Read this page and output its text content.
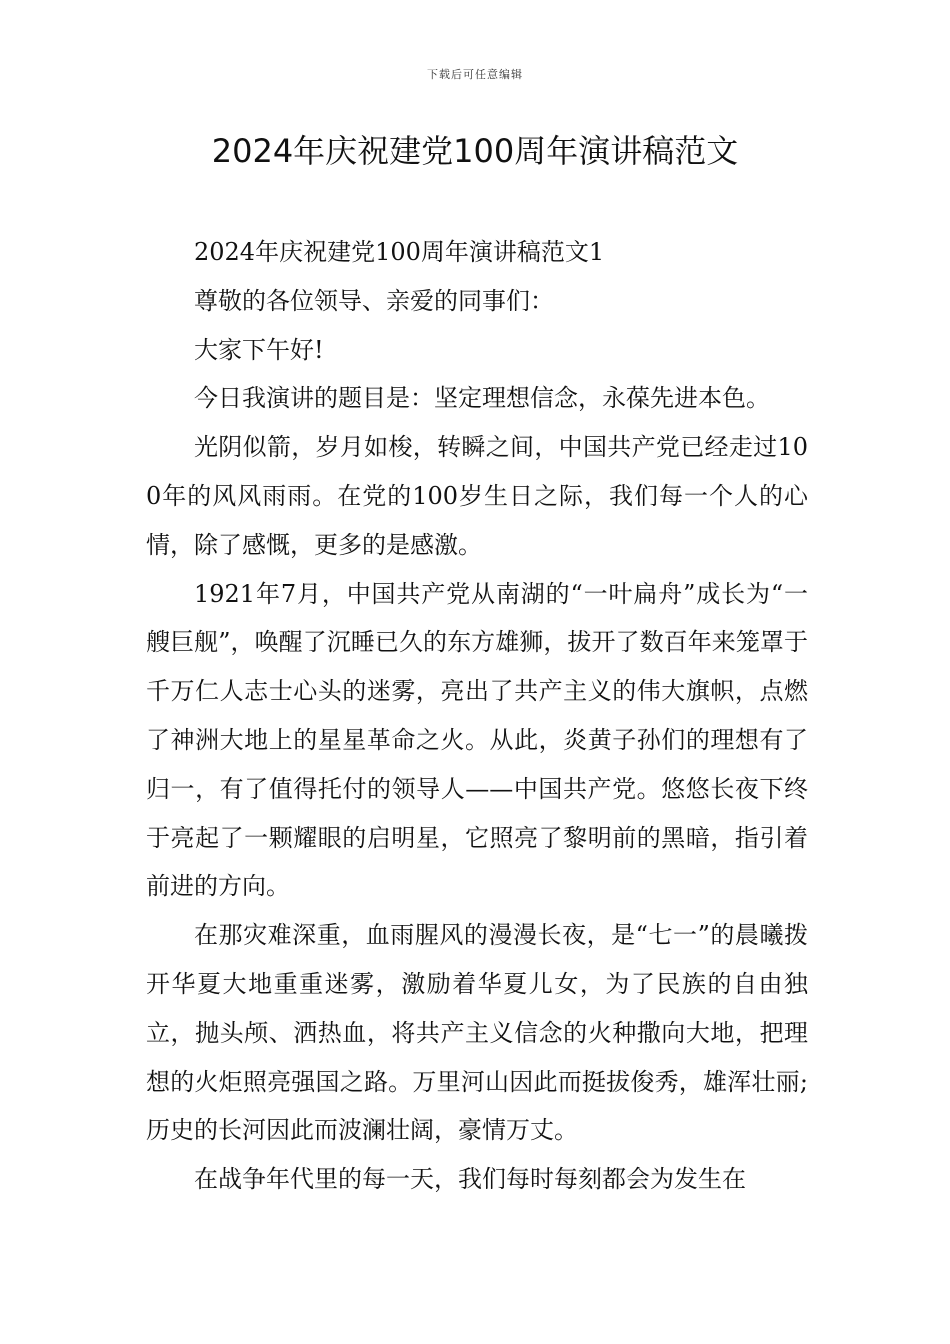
下载后可任意编辑
2024年庆祝建党100周年演讲稿范文

2024年庆祝建党100周年演讲稿范文1

尊敬的各位领导、亲爱的同事们：

大家下午好!

今日我演讲的题目是：坚定理想信念，永葆先进本色。

光阴似箭，岁月如梭，转瞬之间，中国共产党已经走过100年的风风雨雨。在党的100岁生日之际，我们每一个人的心情，除了感慨，更多的是感激。

1921年7月，中国共产党从南湖的“一叶扁舟”成长为“一艘巨舰”，唤醒了沉睡已久的东方雄狮，拔开了数百年来笼罩于千万仁人志士心头的迷雾，亮出了共产主义的伟大旗帜，点燃了神洲大地上的星星革命之火。从此，炎黄子孙们的理想有了归一，有了值得托付的领导人——中国共产党。悠悠长夜下终于亮起了一颗耀眼的启明星，它照亮了黎明前的黑暗，指引着前进的方向。

在那灾难深重，血雨腥风的漫漫长夜，是“七一”的晨曦拨开华夏大地重重迷雾，激励着华夏儿女，为了民族的自由独立，抛头颅、洒热血，将共产主义信念的火种撒向大地，把理想的火炬照亮强国之路。万里河山因此而挺拔俊秀，雄浑壮丽;历史的长河因此而波澜壮阔，豪情万丈。

在战争年代里的每一天，我们每时每刻都会为发生在
